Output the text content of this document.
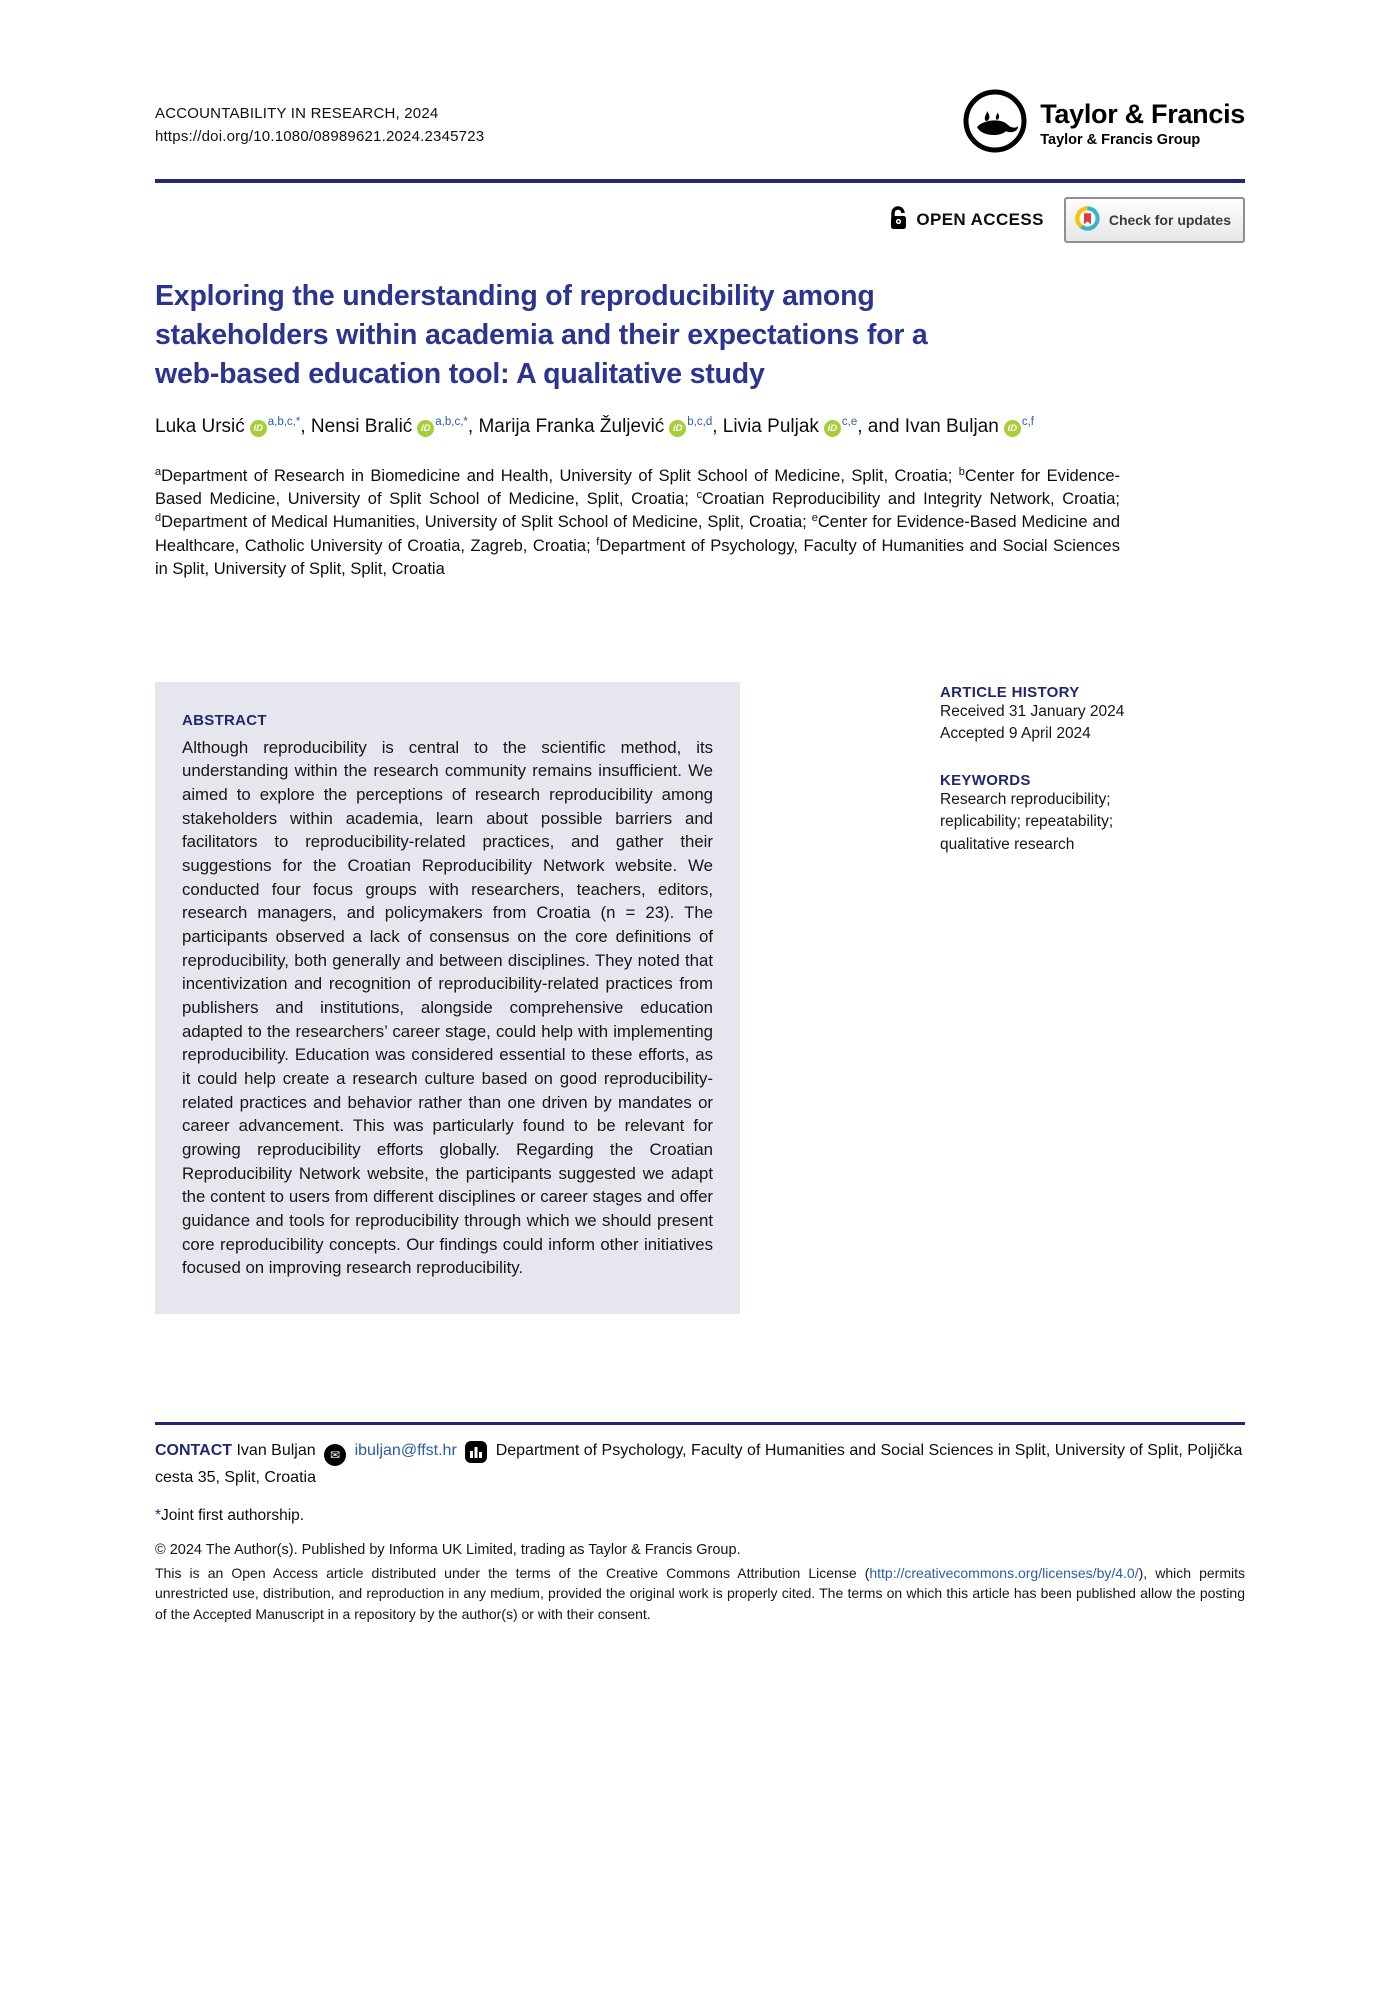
ACCOUNTABILITY IN RESEARCH, 2024
https://doi.org/10.1080/08989621.2024.2345723
Taylor & Francis
Taylor & Francis Group
OPEN ACCESS	Check for updates
Exploring the understanding of reproducibility among stakeholders within academia and their expectations for a web-based education tool: A qualitative study
Luka Ursić $iD^{a,b,c,*}$, Nensi Bralić $iD^{a,b,c,*}$, Marija Franka Žuljević iD$^{b,c,d}$, Livia Puljak iD$^{c,e}$, and Ivan Buljan iD$^{c,f}$

$^a$Department of Research in Biomedicine and Health, University of Split School of Medicine, Split, Croatia; $^b$Center for Evidence-Based Medicine, University of Split School of Medicine, Split, Croatia; $^c$Croatian Reproducibility and Integrity Network, Croatia; $^d$Department of Medical Humanities, University of Split School of Medicine, Split, Croatia; $^e$Center for Evidence-Based Medicine and Healthcare, Catholic University of Croatia, Zagreb, Croatia; $^f$Department of Psychology, Faculty of Humanities and Social Sciences in Split, University of Split, Split, Croatia

ABSTRACT
Although reproducibility is central to the scientific method, its understanding within the research community remains insufficient. We aimed to explore the perceptions of research reproducibility among stakeholders within academia, learn about possible barriers and facilitators to reproducibility-related practices, and gather their suggestions for the Croatian Reproducibility Network website. We conducted four focus groups with researchers, teachers, editors, research managers, and policymakers from Croatia (n = 23). The participants observed a lack of consensus on the core definitions of reproducibility, both generally and between disciplines. They noted that incentivization and recognition of reproducibility-related practices from publishers and institutions, alongside comprehensive education adapted to the researchers’ career stage, could help with implementing reproducibility. Education was considered essential to these efforts, as it could help create a research culture based on good reproducibility-related practices and behavior rather than one driven by mandates or career advancement. This was particularly found to be relevant for growing reproducibility efforts globally. Regarding the Croatian Reproducibility Network website, the participants suggested we adapt the content to users from different disciplines or career stages and offer guidance and tools for reproducibility through which we should present core reproducibility concepts. Our findings could inform other initiatives focused on improving research reproducibility.
ARTICLE HISTORY
Received 31 January 2024
Accepted 9 April 2024
KEYWORDS
Research reproducibility; replicability; repeatability; qualitative research

CONTACT Ivan Buljan ✉ ibuljan@ffst.hr Department of Psychology, Faculty of Humanities and Social Sciences in Split, University of Split, Poljička cesta 35, Split, Croatia

*Joint first authorship.

© 2024 The Author(s). Published by Informa UK Limited, trading as Taylor & Francis Group.

This is an Open Access article distributed under the terms of the Creative Commons Attribution License (http://creativecommons.org/licenses/by/4.0/), which permits unrestricted use, distribution, and reproduction in any medium, provided the original work is properly cited. The terms on which this article has been published allow the posting of the Accepted Manuscript in a repository by the author(s) or with their consent.
